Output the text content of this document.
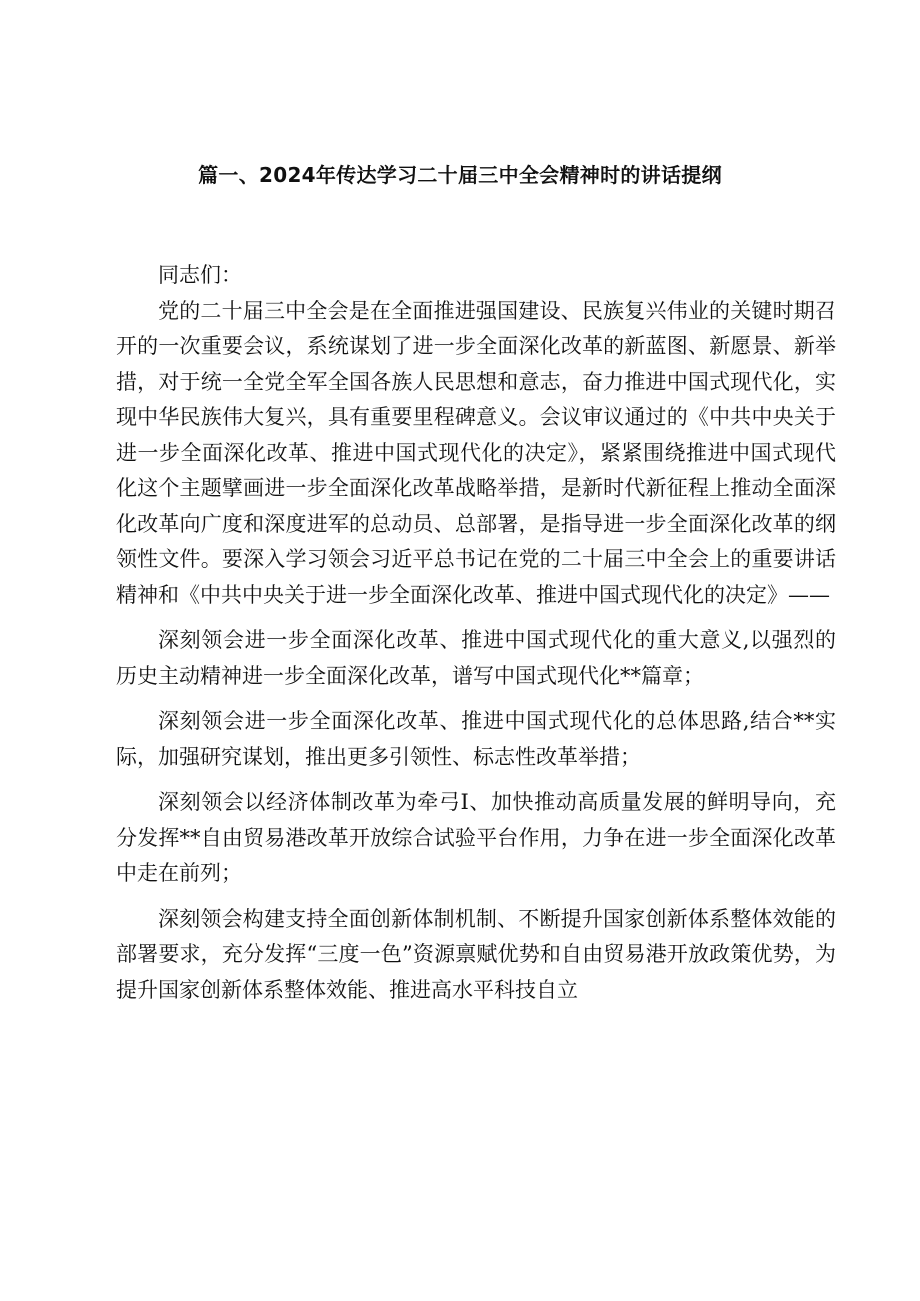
篇一、2024年传达学习二十届三中全会精神时的讲话提纲

同志们：

党的二十届三中全会是在全面推进强国建设、民族复兴伟业的关键时期召开的一次重要会议，系统谋划了进一步全面深化改革的新蓝图、新愿景、新举措，对于统一全党全军全国各族人民思想和意志，奋力推进中国式现代化，实现中华民族伟大复兴，具有重要里程碑意义。会议审议通过的《中共中央关于进一步全面深化改革、推进中国式现代化的决定》，紧紧围绕推进中国式现代化这个主题擘画进一步全面深化改革战略举措，是新时代新征程上推动全面深化改革向广度和深度进军的总动员、总部署，是指导进一步全面深化改革的纲领性文件。要深入学习领会习近平总书记在党的二十届三中全会上的重要讲话精神和《中共中央关于进一步全面深化改革、推进中国式现代化的决定》——

深刻领会进一步全面深化改革、推进中国式现代化的重大意义,以强烈的历史主动精神进一步全面深化改革，谱写中国式现代化**篇章；

深刻领会进一步全面深化改革、推进中国式现代化的总体思路,结合**实际，加强研究谋划，推出更多引领性、标志性改革举措；

深刻领会以经济体制改革为牵弓I、加快推动高质量发展的鲜明导向，充分发挥**自由贸易港改革开放综合试验平台作用，力争在进一步全面深化改革中走在前列；

深刻领会构建支持全面创新体制机制、不断提升国家创新体系整体效能的部署要求，充分发挥“三度一色”资源禀赋优势和自由贸易港开放政策优势，为提升国家创新体系整体效能、推进高水平科技自立
